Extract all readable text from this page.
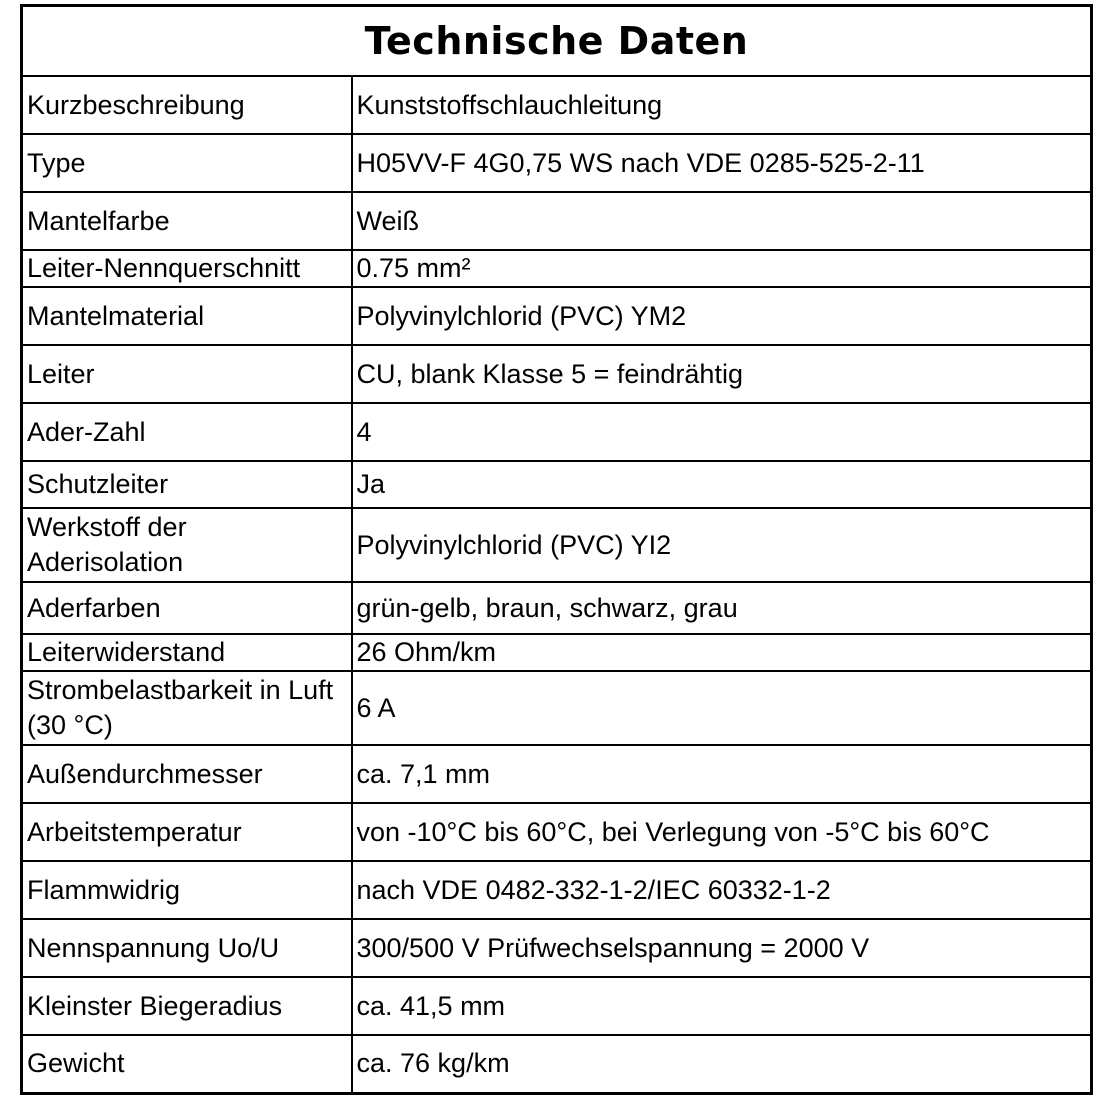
Technische Daten	
Kurzbeschreibung	Kunststoffschlauchleitung
Type	H05VV-F 4G0,75 WS nach VDE 0285-525-2-11
Mantelfarbe	Weiß
Leiter-Nennquerschnitt	0.75 mm²
Mantelmaterial	Polyvinylchlorid (PVC) YM2
Leiter	CU, blank Klasse 5 = feindrähtig
Ader-Zahl	4
Schutzleiter	Ja
Werkstoff der Aderisolation	Polyvinylchlorid (PVC) YI2
Aderfarben	grün-gelb, braun, schwarz, grau
Leiterwiderstand	26 Ohm/km
Strombelastbarkeit in Luft (30 °C)	6 A
Außendurchmesser	ca. 7,1 mm
Arbeitstemperatur	von -10°C bis 60°C, bei Verlegung von -5°C bis 60°C
Flammwidrig	nach VDE 0482-332-1-2/IEC 60332-1-2
Nennspannung Uo/U	300/500 V Prüfwechselspannung = 2000 V
Kleinster Biegeradius	ca. 41,5 mm
Gewicht	ca. 76 kg/km
